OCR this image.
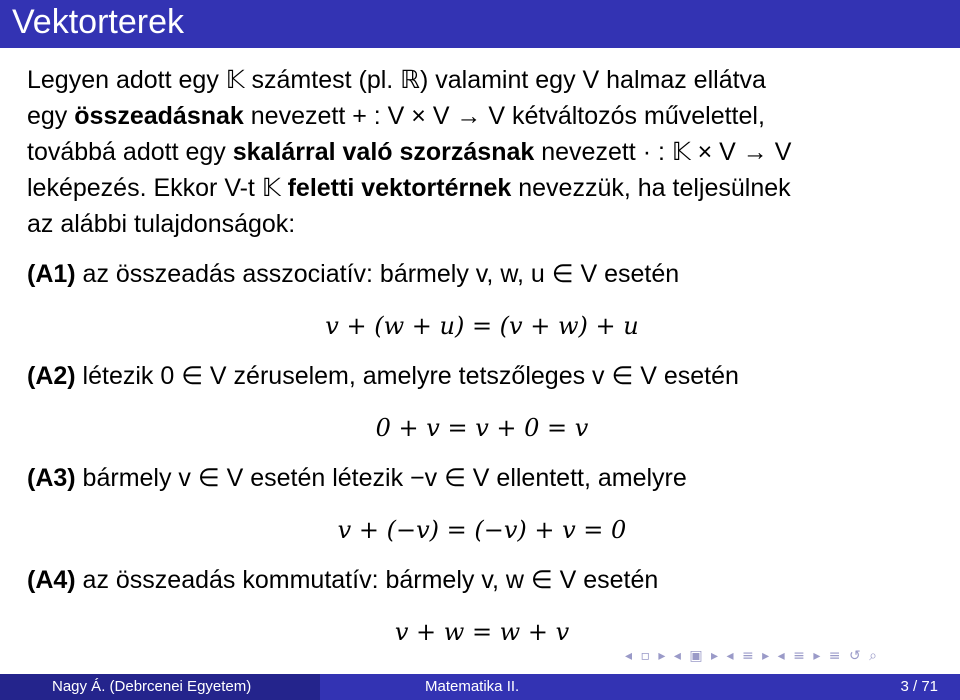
Vektorterek

Legyen adott egy 𝕂 számtest (pl. ℝ) valamint egy V halmaz ellátva

egy összeadásnak nevezett + : V × V → V kétváltozós művelettel,

továbbá adott egy skalárral való szorzásnak nevezett · : 𝕂 × V → V

leképezés. Ekkor V-t 𝕂 feletti vektortérnek nevezzük, ha teljesülnek

az alábbi tulajdonságok:

(A1) az összeadás asszociatív: bármely v, w, u ∈ V esetén
v + (w + u) = (v + w) + u
(A2) létezik 0 ∈ V zéruselem, amelyre tetszőleges v ∈ V esetén
0 + v = v + 0 = v
(A3) bármely v ∈ V esetén létezik −v ∈ V ellentett, amelyre
v + (−v) = (−v) + v = 0
(A4) az összeadás kommutatív: bármely v, w ∈ V esetén
v + w = w + v
◂ ▫ ▸ ◂ ▣ ▸ ◂ ≡ ▸ ◂ ≡ ▸ ≡ ↺ ⌕
Nagy Á. (Debrcenei Egyetem)	Matematika II.	3 / 71
